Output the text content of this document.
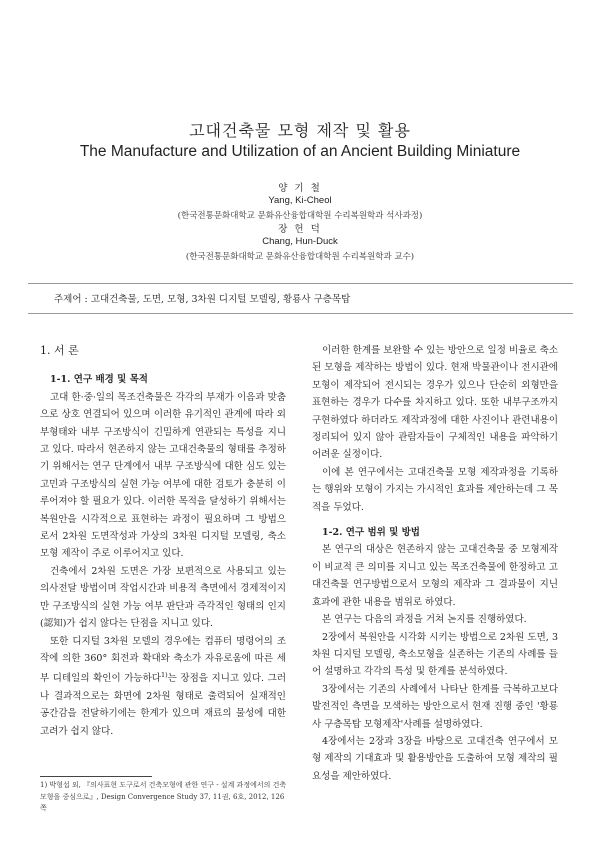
고대건축물 모형 제작 및 활용
The Manufacture and Utilization of an Ancient Building Miniature
양 기 철
Yang, Ki-Cheol
(한국전통문화대학교 문화유산융합대학원 수리복원학과 석사과정)
장 헌 덕
Chang, Hun-Duck
(한국전통문화대학교 문화유산융합대학원 수리복원학과 교수)
주제어 : 고대건축물, 도면, 모형, 3차원 디지털 모델링, 황룡사 구층목탑
1. 서 론
1-1. 연구 배경 및 목적

고대 한·중·일의 목조건축물은 각각의 부재가 이음과 맞춤으로 상호 연결되어 있으며 이러한 유기적인 관계에 따라 외부형태와 내부 구조방식이 긴밀하게 연관되는 특성을 지니고 있다. 따라서 현존하지 않는 고대건축물의 형태를 추정하기 위해서는 연구 단계에서 내부 구조방식에 대한 심도 있는 고민과 구조방식의 실현 가능 여부에 대한 검토가 충분히 이루어져야 할 필요가 있다. 이러한 목적을 달성하기 위해서는 복원안을 시각적으로 표현하는 과정이 필요하며 그 방법으로서 2차원 도면작성과 가상의 3차원 디지털 모델링, 축소모형 제작이 주로 이루어지고 있다.

건축에서 2차원 도면은 가장 보편적으로 사용되고 있는 의사전달 방법이며 작업시간과 비용적 측면에서 경제적이지만 구조방식의 실현 가능 여부 판단과 즉각적인 형태의 인지(認知)가 쉽지 않다는 단점을 지니고 있다.

또한 디지털 3차원 모델의 경우에는 컴퓨터 명령어의 조작에 의한 360° 회전과 확대와 축소가 자유로움에 따른 세부 디테일의 확인이 가능하다$^{1)}$는 장점을 지니고 있다. 그러나 결과적으로는 화면에 2차원 형태로 출력되어 실재적인 공간감을 전달하기에는 한계가 있으며 재료의 물성에 대한 고려가 쉽지 않다.

이러한 한계를 보완할 수 있는 방안으로 일정 비율로 축소된 모형을 제작하는 방법이 있다. 현재 박물관이나 전시관에 모형이 제작되어 전시되는 경우가 있으나 단순히 외형만을 표현하는 경우가 다수를 차지하고 있다. 또한 내부구조까지 구현하였다 하더라도 제작과정에 대한 사진이나 관련내용이 정리되어 있지 않아 관람자들이 구체적인 내용을 파악하기 어려운 실정이다.

이에 본 연구에서는 고대건축물 모형 제작과정을 기록하는 행위와 모형이 가지는 가시적인 효과를 제안하는데 그 목적을 두었다.

1-2. 연구 범위 및 방법

본 연구의 대상은 현존하지 않는 고대건축물 중 모형제작이 비교적 큰 의미를 지니고 있는 목조건축물에 한정하고 고대건축물 연구방법으로서 모형의 제작과 그 결과물이 지닌 효과에 관한 내용을 범위로 하였다.

본 연구는 다음의 과정을 거쳐 논지를 진행하였다.

2장에서 복원안을 시각화 시키는 방법으로 2차원 도면, 3차원 디지털 모델링, 축소모형을 실존하는 기존의 사례를 들어 설명하고 각각의 특성 및 한계를 분석하였다.

3장에서는 기존의 사례에서 나타난 한계를 극복하고보다 발전적인 측면을 모색하는 방안으로서 현재 진행 중인 '황룡사 구층목탑 모형제작'사례를 설명하였다.

4장에서는 2장과 3장을 바탕으로 고대건축 연구에서 모형 제작의 기대효과 및 활용방안을 도출하여 모형 제작의 필요성을 제안하였다.

1) 박형섭 외, 『의사표현 도구로서 건축모형에 관한 연구 - 설계 과정에서의 건축모형을 중심으로』, Design Convergence Study 37, 11권, 6호, 2012, 126쪽
